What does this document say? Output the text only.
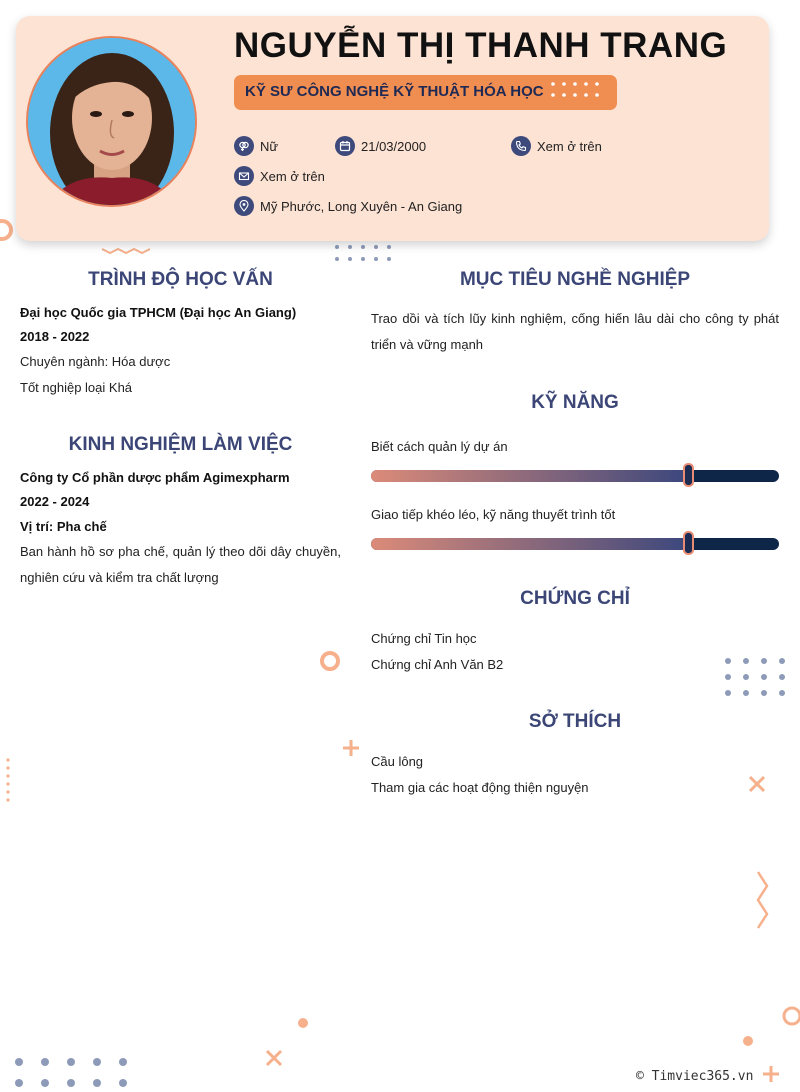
NGUYỄN THỊ THANH TRANG
KỸ SƯ CÔNG NGHỆ KỸ THUẬT HÓA HỌC
Nữ	21/03/2000	Xem ở trên
Xem ở trên
Mỹ Phước, Long Xuyên - An Giang
TRÌNH ĐỘ HỌC VẤN
Đại học Quốc gia TPHCM (Đại học An Giang)
2018 - 2022
Chuyên ngành: Hóa dược
Tốt nghiệp loại Khá
KINH NGHIỆM LÀM VIỆC
Công ty Cổ phần dược phẩm Agimexpharm
2022 - 2024
Vị trí: Pha chế

Ban hành hồ sơ pha chế, quản lý theo dõi dây chuyền, nghiên cứu và kiểm tra chất lượng

MỤC TIÊU NGHỀ NGHIỆP

Trao dồi và tích lũy kinh nghiệm, cống hiến lâu dài cho công ty phát triển và vững mạnh

KỸ NĂNG
Biết cách quản lý dự án
Giao tiếp khéo léo, kỹ năng thuyết trình tốt
CHỨNG CHỈ
Chứng chỉ Tin học
Chứng chỉ Anh Văn B2
SỞ THÍCH
Cầu lông
Tham gia các hoạt động thiện nguyện
© Timviec365.vn
